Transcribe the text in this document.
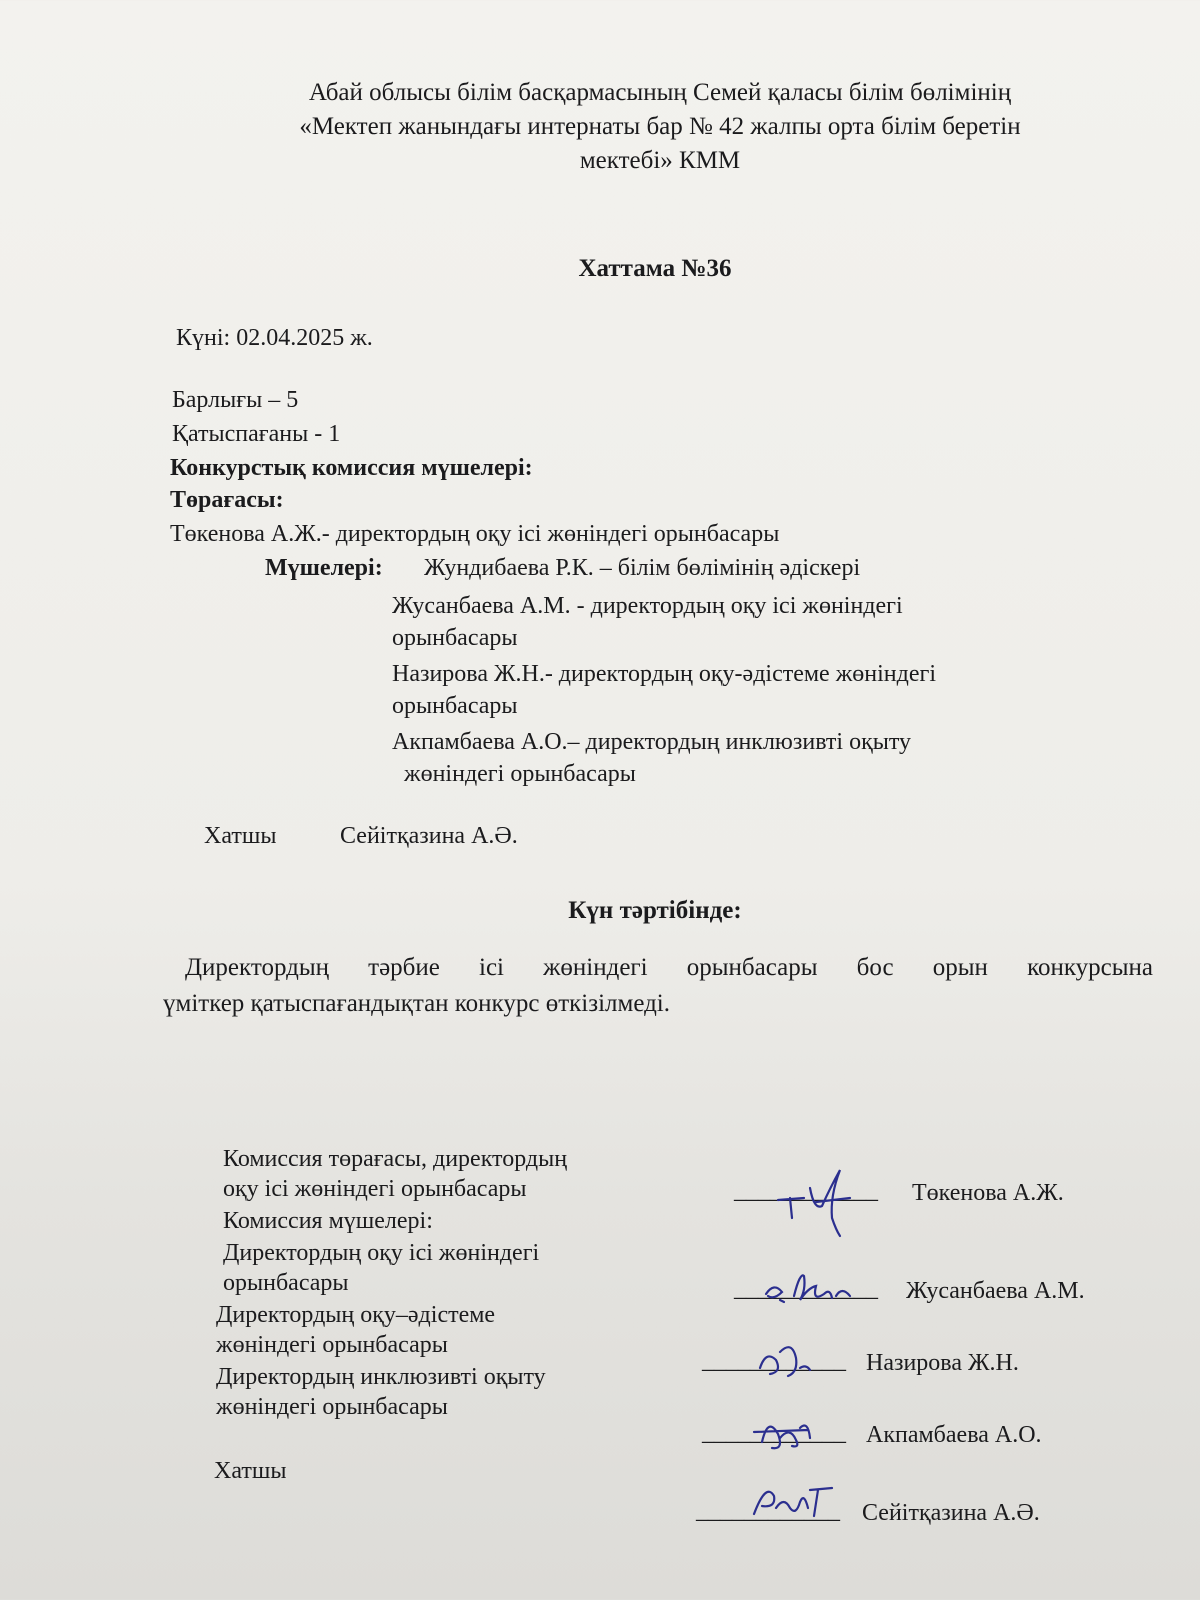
Абай облысы білім басқармасының Семей қаласы білім бөлімінің
«Мектеп жанындағы интернаты бар № 42 жалпы орта білім беретін
мектебі» КММ
Хаттама №36
Күні: 02.04.2025 ж.
Барлығы – 5
Қатыспағаны - 1
Конкурстық комиссия мүшелері:
Төрағасы:
Төкенова А.Ж.- директордың оқу ісі жөніндегі орынбасары
Мүшелері: Жундибаева Р.К. – білім бөлімінің әдіскері
Жусанбаева А.М. - директордың оқу ісі жөніндегі
орынбасары
Назирова Ж.Н.- директордың оқу-әдістеме жөніндегі
орынбасары
Акпамбаева А.О.– директордың инклюзивті оқыту
жөніндегі орынбасары
Хатшы	Сейітқазина А.Ә.
Күн тәртібінде:
Директордың тәрбие ісі жөніндегі орынбасары бос орын конкурсына
үміткер қатыспағандықтан конкурс өткізілмеді.
Комиссия төрағасы, директордың
оқу ісі жөніндегі орынбасары
Комиссия мүшелері:
Директордың оқу ісі жөніндегі
орынбасары
Директордың оқу–әдістеме
жөніндегі орынбасары
Директордың инклюзивті оқыту
жөніндегі орынбасары
Хатшы
____________ Төкенова А.Ж.
____________ Жусанбаева А.М.
____________ Назирова Ж.Н.
____________ Акпамбаева А.О.
____________ Сейітқазина А.Ә.
